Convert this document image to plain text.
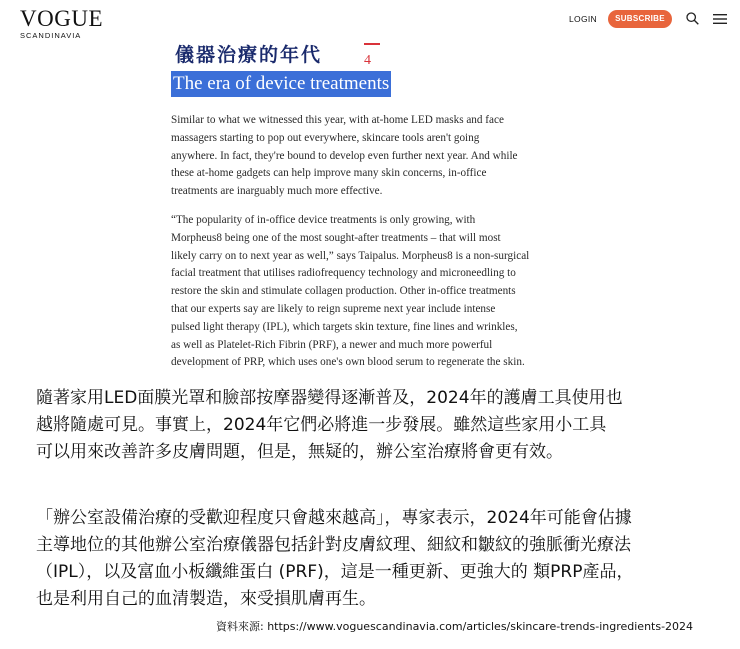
VOGUE
SCANDINAVIA
LOGIN	SUBSCRIBE
儀器治療的年代	4
The era of device treatments
Similar to what we witnessed this year, with at-home LED masks and face
massagers starting to pop out everywhere, skincare tools aren't going
anywhere. In fact, they're bound to develop even further next year. And while
these at-home gadgets can help improve many skin concerns, in-office
treatments are inarguably much more effective.
“The popularity of in-office device treatments is only growing, with
Morpheus8 being one of the most sought-after treatments – that will most
likely carry on to next year as well,” says Taipalus. Morpheus8 is a non-surgical
facial treatment that utilises radiofrequency technology and microneedling to
restore the skin and stimulate collagen production. Other in-office treatments
that our experts say are likely to reign supreme next year include intense
pulsed light therapy (IPL), which targets skin texture, fine lines and wrinkles,
as well as Platelet-Rich Fibrin (PRF), a newer and much more powerful
development of PRP, which uses one's own blood serum to regenerate the skin.
隨著家用LED面膜光罩和臉部按摩器變得逐漸普及，2024年的護膚工具使用也
越將隨處可見。事實上，2024年它們必將進一步發展。雖然這些家用小工具
可以用來改善許多皮膚問題，但是，無疑的，辦公室治療將會更有效。
「辦公室設備治療的受歡迎程度只會越來越高」，專家表示，2024年可能會佔據
主導地位的其他辦公室治療儀器包括針對皮膚紋理、細紋和皺紋的強脈衝光療法
（IPL），以及富血小板纖維蛋白 (PRF)，這是一種更新、更強大的 類PRP產品，
也是利用自己的血清製造，來受損肌膚再生。
資料來源: https://www.voguescandinavia.com/articles/skincare-trends-ingredients-2024
